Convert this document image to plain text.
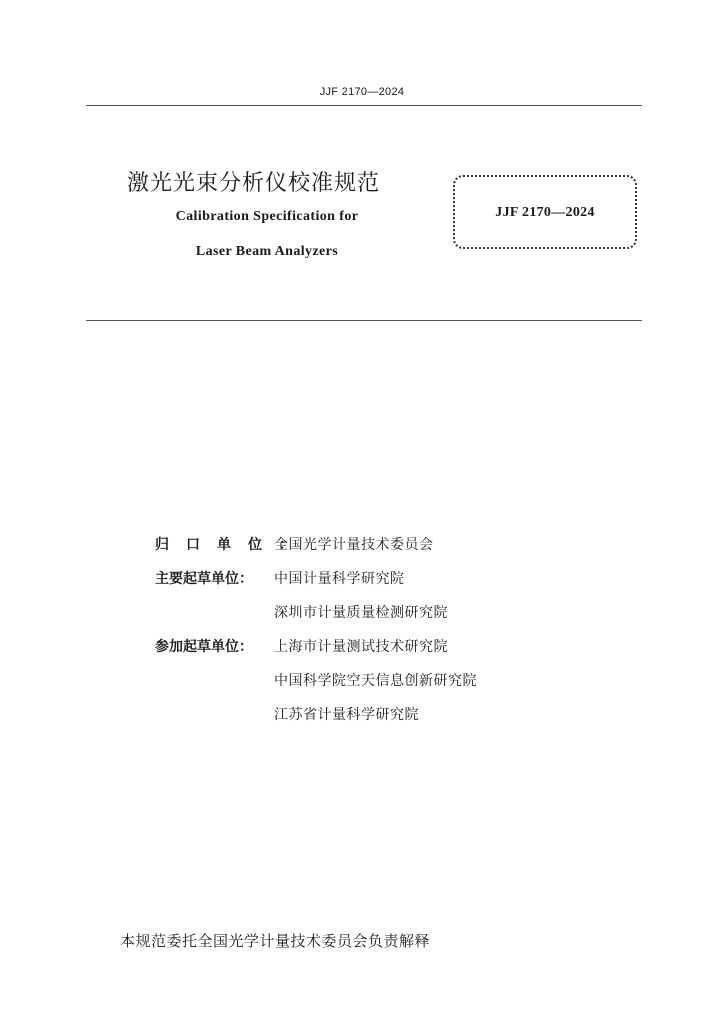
JJF 2170—2024
激光光束分析仪校准规范
Calibration Specification for
Laser Beam Analyzers
JJF 2170—2024
归口单位：
全国光学计量技术委员会
主要起草单位： 中国计量科学研究院
深圳市计量质量检测研究院
参加起草单位： 上海市计量测试技术研究院
中国科学院空天信息创新研究院
江苏省计量科学研究院
本规范委托全国光学计量技术委员会负责解释
